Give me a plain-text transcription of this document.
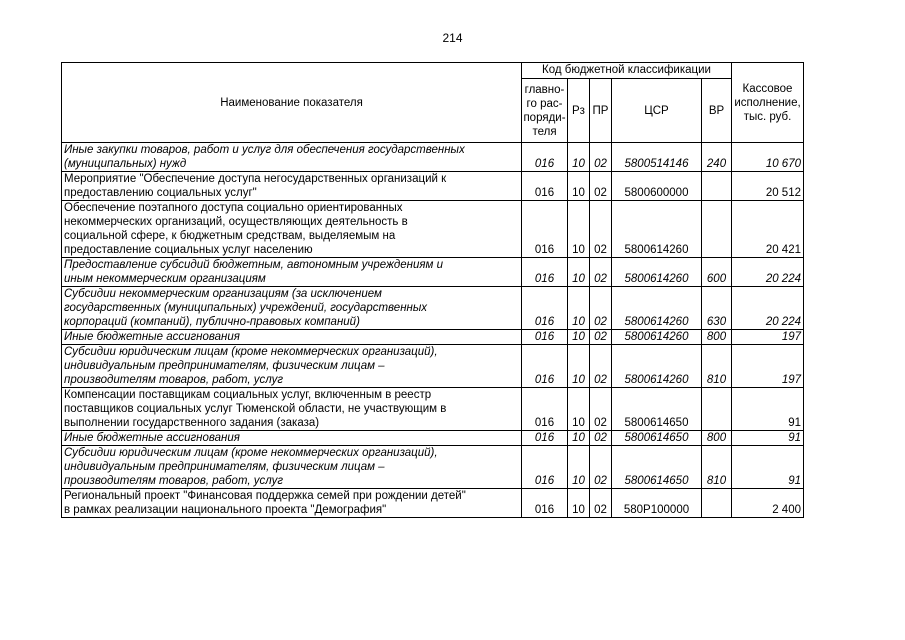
214
Наименование показателя	Код бюджетной классификации					Кассовое
исполнение,
тыс. руб.
	главно-
го рас-
поряди-
теля	Рз	ПР	ЦСР	ВР	
Иные закупки товаров, работ и услуг для обеспечения государственных
(муниципальных) нужд	016	10	02	5800514146	240	10 670
Мероприятие "Обеспечение доступа негосударственных организаций к
предоставлению социальных услуг"	016	10	02	5800600000		20 512
Обеспечение поэтапного доступа социально ориентированных
некоммерческих организаций, осуществляющих деятельность в
социальной сфере, к бюджетным средствам, выделяемым на
предоставление социальных услуг населению	016	10	02	5800614260		20 421
Предоставление субсидий бюджетным, автономным учреждениям и
иным некоммерческим организациям	016	10	02	5800614260	600	20 224
Субсидии некоммерческим организациям (за исключением
государственных (муниципальных) учреждений, государственных
корпораций (компаний), публично-правовых компаний)	016	10	02	5800614260	630	20 224
Иные бюджетные ассигнования	016	10	02	5800614260	800	197
Субсидии юридическим лицам (кроме некоммерческих организаций),
индивидуальным предпринимателям, физическим лицам –
производителям товаров, работ, услуг	016	10	02	5800614260	810	197
Компенсации поставщикам социальных услуг, включенным в реестр
поставщиков социальных услуг Тюменской области, не участвующим в
выполнении государственного задания (заказа)	016	10	02	5800614650		91
Иные бюджетные ассигнования	016	10	02	5800614650	800	91
Субсидии юридическим лицам (кроме некоммерческих организаций),
индивидуальным предпринимателям, физическим лицам –
производителям товаров, работ, услуг	016	10	02	5800614650	810	91
Региональный проект "Финансовая поддержка семей при рождении детей"
в рамках реализации национального проекта "Демография"	016	10	02	580P100000		2 400
